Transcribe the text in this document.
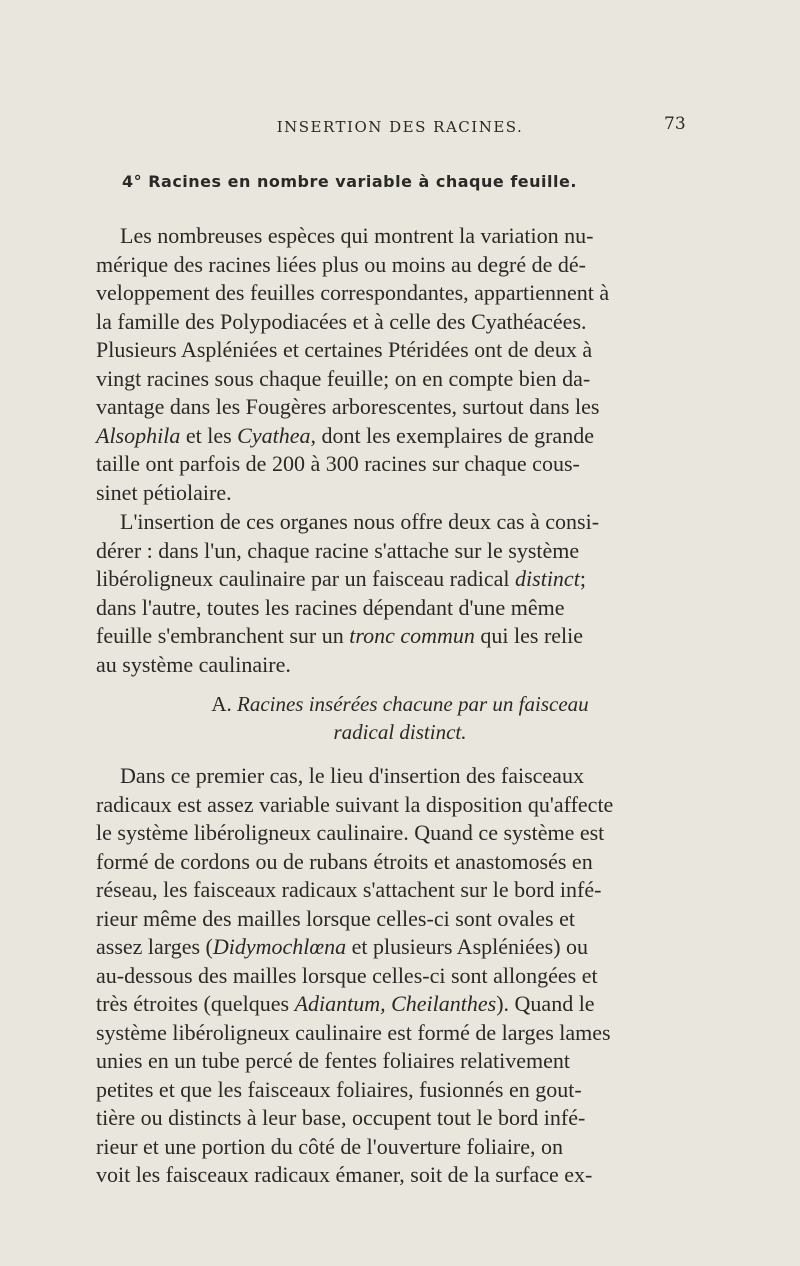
INSERTION DES RACINES.	73
4° Racines en nombre variable à chaque feuille.
Les nombreuses espèces qui montrent la variation nu-
mérique des racines liées plus ou moins au degré de dé-
veloppement des feuilles correspondantes, appartiennent à
la famille des Polypodiacées et à celle des Cyathéacées.
Plusieurs Aspléniées et certaines Ptéridées ont de deux à
vingt racines sous chaque feuille; on en compte bien da-
vantage dans les Fougères arborescentes, surtout dans les
Alsophila et les Cyathea, dont les exemplaires de grande
taille ont parfois de 200 à 300 racines sur chaque cous-
sinet pétiolaire.
L'insertion de ces organes nous offre deux cas à consi-
dérer : dans l'un, chaque racine s'attache sur le système
libéroligneux caulinaire par un faisceau radical distinct;
dans l'autre, toutes les racines dépendant d'une même
feuille s'embranchent sur un tronc commun qui les relie
au système caulinaire.
A. Racines insérées chacune par un faisceau
radical distinct.
Dans ce premier cas, le lieu d'insertion des faisceaux
radicaux est assez variable suivant la disposition qu'affecte
le système libéroligneux caulinaire. Quand ce système est
formé de cordons ou de rubans étroits et anastomosés en
réseau, les faisceaux radicaux s'attachent sur le bord infé-
rieur même des mailles lorsque celles-ci sont ovales et
assez larges (Didymochlœna et plusieurs Aspléniées) ou
au-dessous des mailles lorsque celles-ci sont allongées et
très étroites (quelques Adiantum, Cheilanthes). Quand le
système libéroligneux caulinaire est formé de larges lames
unies en un tube percé de fentes foliaires relativement
petites et que les faisceaux foliaires, fusionnés en gout-
tière ou distincts à leur base, occupent tout le bord infé-
rieur et une portion du côté de l'ouverture foliaire, on
voit les faisceaux radicaux émaner, soit de la surface ex-
